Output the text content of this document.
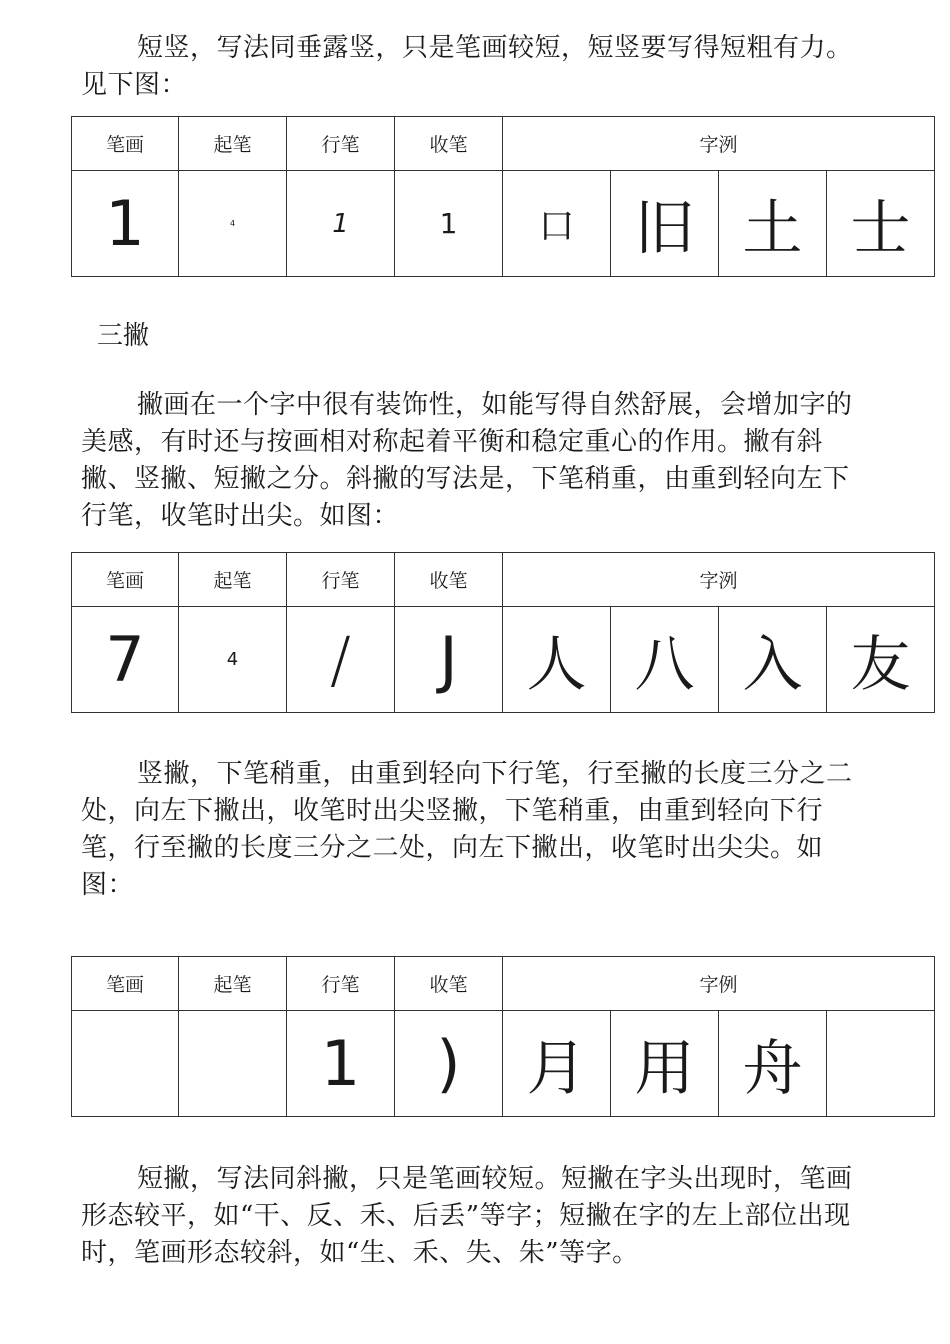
短竖，写法同垂露竖，只是笔画较短，短竖要写得短粗有力。见下图：

笔画	起笔	行笔	收笔	字洌			
1	4	1	1	口	旧	土	士

三撇

撇画在一个字中很有装饰性，如能写得自然舒展，会增加字的美感，有时还与按画相对称起着平衡和稳定重心的作用。撇有斜撇、竖撇、短撇之分。斜撇的写法是，下笔稍重，由重到轻向左下行笔，收笔时出尖。如图：

笔画	起笔	行笔	收笔	字洌			
7	4	/	J	人	八	入	友

竖撇，下笔稍重，由重到轻向下行笔，行至撇的长度三分之二处，向左下撇出，收笔时出尖竖撇，下笔稍重，由重到轻向下行笔，行至撇的长度三分之二处，向左下撇出，收笔时出尖尖。如图：

笔画	起笔	行笔	收笔	字例			
		1	)	月	用	舟	

短撇，写法同斜撇，只是笔画较短。短撇在字头出现时，笔画形态较平，如“干、反、禾、后丢”等字；短撇在字的左上部位出现时，笔画形态较斜，如“生、禾、失、朱”等字。
